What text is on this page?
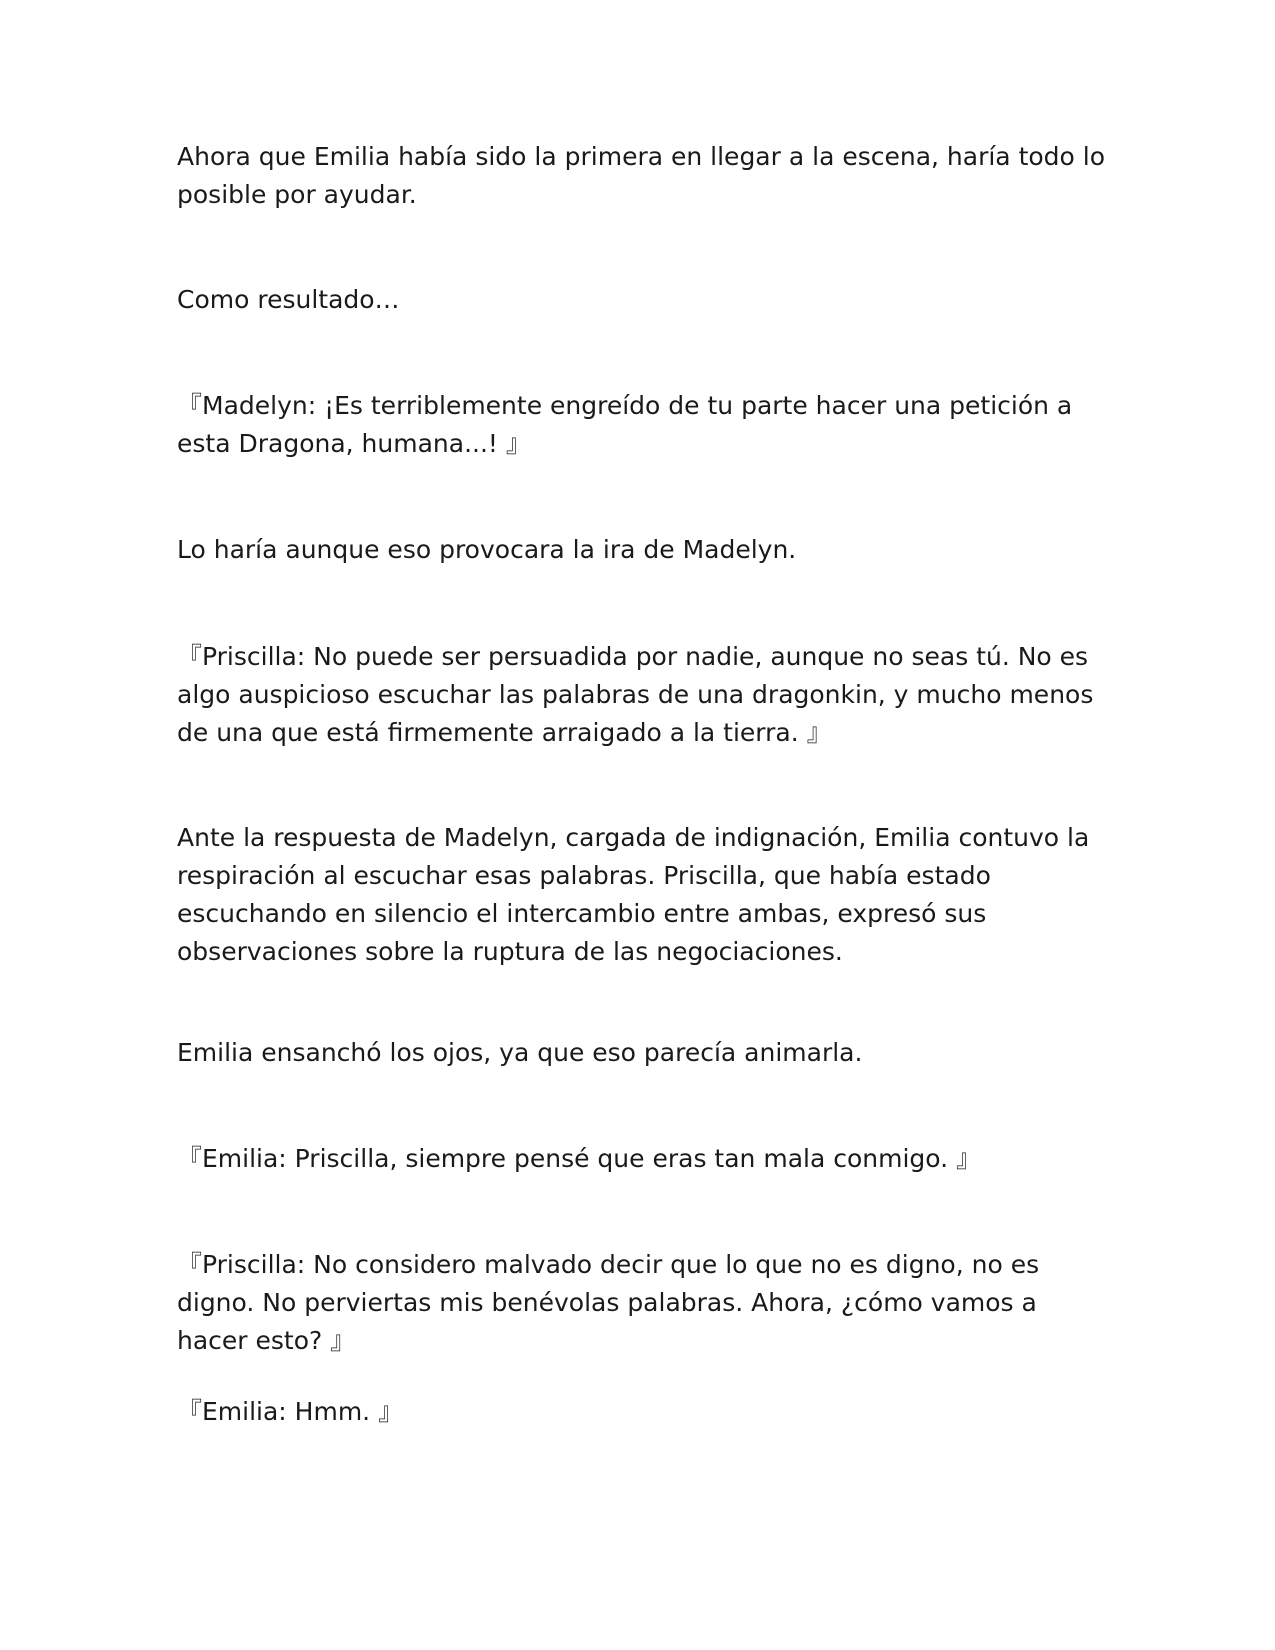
Ahora que Emilia había sido la primera en llegar a la escena, haría todo lo posible por ayudar.

Como resultado…

『Madelyn: ¡Es terriblemente engreído de tu parte hacer una petición a esta Dragona, humana...! 』

Lo haría aunque eso provocara la ira de Madelyn.

『Priscilla: No puede ser persuadida por nadie, aunque no seas tú. No es algo auspicioso escuchar las palabras de una dragonkin, y mucho menos de una que está firmemente arraigado a la tierra. 』

Ante la respuesta de Madelyn, cargada de indignación, Emilia contuvo la respiración al escuchar esas palabras. Priscilla, que había estado escuchando en silencio el intercambio entre ambas, expresó sus observaciones sobre la ruptura de las negociaciones.

Emilia ensanchó los ojos, ya que eso parecía animarla.

『Emilia: Priscilla, siempre pensé que eras tan mala conmigo. 』

『Priscilla: No considero malvado decir que lo que no es digno, no es digno. No perviertas mis benévolas palabras. Ahora, ¿cómo vamos a hacer esto? 』

『Emilia: Hmm. 』
